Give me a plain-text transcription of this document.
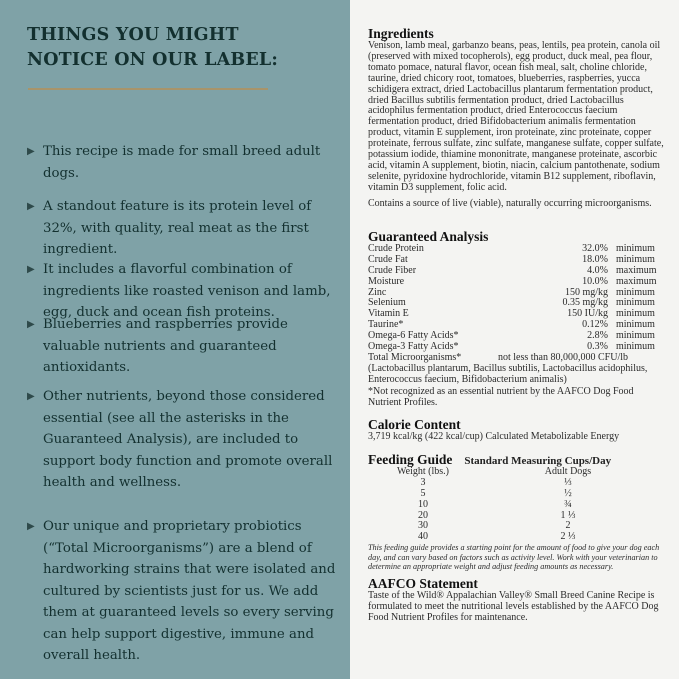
THINGS YOU MIGHT
NOTICE ON OUR LABEL:
▶ This recipe is made for small breed adult dogs.
▶ A standout feature is its protein level of 32%, with quality, real meat as the first ingredient.
▶ It includes a flavorful combination of ingredients like roasted venison and lamb, egg, duck and ocean fish proteins.
▶ Blueberries and raspberries provide valuable nutrients and guaranteed antioxidants.
▶ Other nutrients, beyond those considered essential (see all the asterisks in the Guaranteed Analysis), are included to support body function and promote overall health and wellness.
▶ Our unique and proprietary probiotics (“Total Microorganisms”) are a blend of hardworking strains that were isolated and cultured by scientists just for us. We add them at guaranteed levels so every serving can help support digestive, immune and overall health.
Ingredients
Venison, lamb meal, garbanzo beans, peas, lentils, pea protein, canola oil (preserved with mixed tocopherols), egg product, duck meal, pea flour, tomato pomace, natural flavor, ocean fish meal, salt, choline chloride, taurine, dried chicory root, tomatoes, blueberries, raspberries, yucca schidigera extract, dried Lactobacillus plantarum fermentation product, dried Bacillus subtilis fermentation product, dried Lactobacillus acidophilus fermentation product, dried Enterococcus faecium fermentation product, dried Bifidobacterium animalis fermentation product, vitamin E supplement, iron proteinate, zinc proteinate, copper proteinate, ferrous sulfate, zinc sulfate, manganese sulfate, copper sulfate, potassium iodide, thiamine mononitrate, manganese proteinate, ascorbic acid, vitamin A supplement, biotin, niacin, calcium pantothenate, sodium selenite, pyridoxine hydrochloride, vitamin B12 supplement, riboflavin, vitamin D3 supplement, folic acid.
Contains a source of live (viable), naturally occurring microorganisms.
Guaranteed Analysis
Crude Protein	32.0% minimum
Crude Fat	18.0% minimum
Crude Fiber	4.0% maximum
Moisture	10.0% maximum
Zinc	150 mg/kg minimum
Selenium	0.35 mg/kg minimum
Vitamin E	150 IU/kg minimum
Taurine*	0.12% minimum
Omega-6 Fatty Acids*	2.8% minimum
Omega-3 Fatty Acids*	0.3% minimum
Total Microorganisms*	not less than 80,000,000 CFU/lb
(Lactobacillus plantarum, Bacillus subtilis, Lactobacillus acidophilus, Enterococcus faecium, Bifidobacterium animalis)
*Not recognized as an essential nutrient by the AAFCO Dog Food Nutrient Profiles.
Calorie Content
3,719 kcal/kg (422 kcal/cup) Calculated Metabolizable Energy
Feeding Guide Standard Measuring Cups/Day
Weight (lbs.)	Adult Dogs
3	⅓
5	½
10	¾
20	1 ⅓
30	2
40	2 ⅓
This feeding guide provides a starting point for the amount of food to give your dog each day, and can vary based on factors such as activity level. Work with your veterinarian to determine an appropriate weight and adjust feeding amounts as necessary.
AAFCO Statement
Taste of the Wild® Appalachian Valley® Small Breed Canine Recipe is formulated to meet the nutritional levels established by the AAFCO Dog Food Nutrient Profiles for maintenance.
